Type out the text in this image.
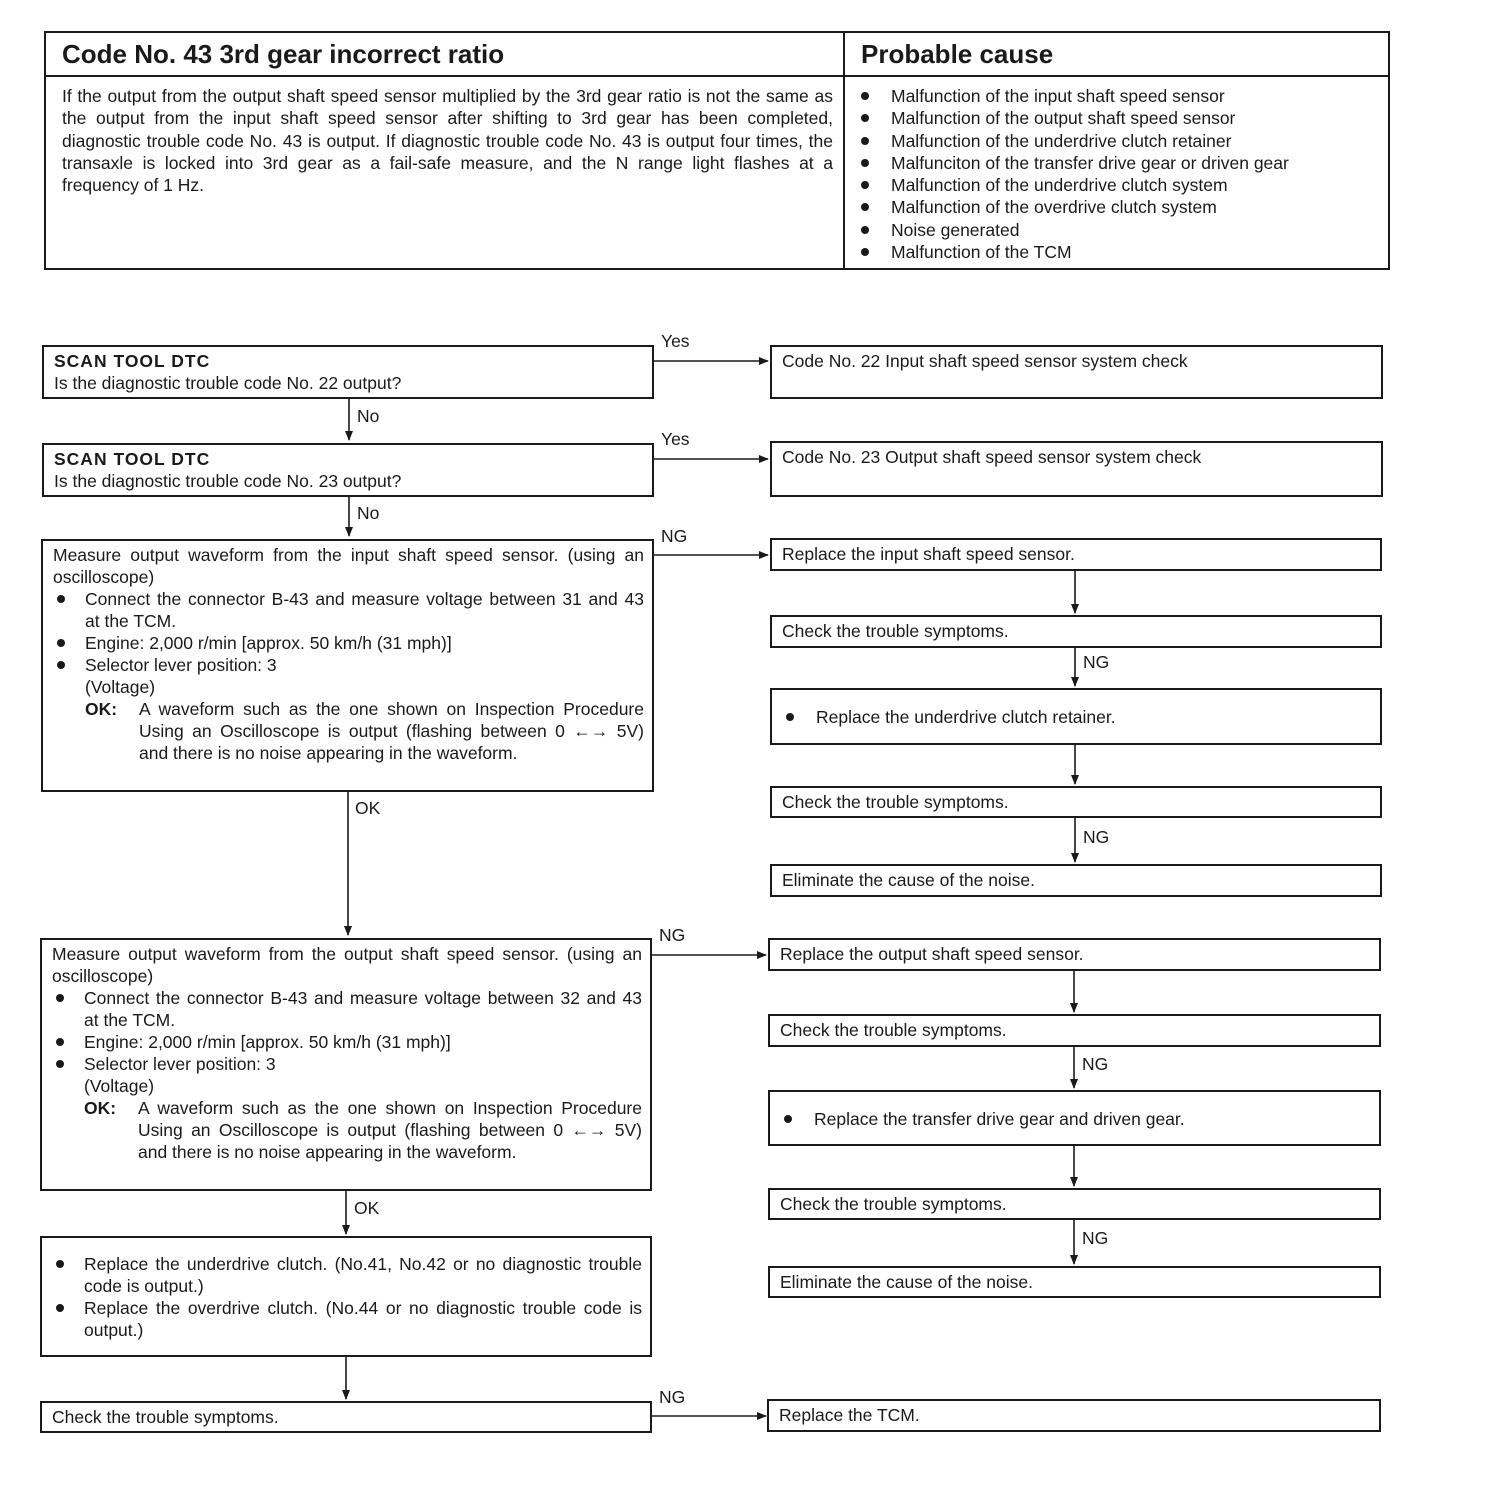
Code No. 43 3rd gear incorrect ratio
If the output from the output shaft speed sensor multiplied by the 3rd gear ratio is not the same as the output from the input shaft speed sensor after shifting to 3rd gear has been completed, diagnostic trouble code No. 43 is output. If diagnostic trouble code No. 43 is output four times, the transaxle is locked into 3rd gear as a fail-safe measure, and the N range light flashes at a frequency of 1 Hz.
Probable cause
Malfunction of the input shaft speed sensor
Malfunction of the output shaft speed sensor
Malfunction of the underdrive clutch retainer
Malfunciton of the transfer drive gear or driven gear
Malfunction of the underdrive clutch system
Malfunction of the overdrive clutch system
Noise generated
Malfunction of the TCM
Yes
Yes
NG
NG
NG
No
No
OK
OK
NG
NG
NG
NG
SCAN TOOL DTC
Is the diagnostic trouble code No. 22 output?
SCAN TOOL DTC
Is the diagnostic trouble code No. 23 output?
Measure output waveform from the input shaft speed sensor. (using an oscilloscope)
Connect the connector B-43 and measure voltage between 31 and 43 at the TCM.
Engine: 2,000 r/min [approx. 50 km/h (31 mph)]
Selector lever position: 3
(Voltage)
OK:	A waveform such as the one shown on Inspection Procedure Using an Oscilloscope is output (flashing between 0 ←→ 5V) and there is no noise appearing in the waveform.
Measure output waveform from the output shaft speed sensor. (using an oscilloscope)
Connect the connector B-43 and measure voltage between 32 and 43 at the TCM.
Engine: 2,000 r/min [approx. 50 km/h (31 mph)]
Selector lever position: 3
(Voltage)
OK:	A waveform such as the one shown on Inspection Procedure Using an Oscilloscope is output (flashing between 0 ←→ 5V) and there is no noise appearing in the waveform.
Replace the underdrive clutch. (No.41, No.42 or no diagnostic trouble code is output.)
Replace the overdrive clutch. (No.44 or no diagnostic trouble code is output.)
Check the trouble symptoms.
Code No. 22 Input shaft speed sensor system check
Code No. 23 Output shaft speed sensor system check
Replace the input shaft speed sensor.
Check the trouble symptoms.
Replace the underdrive clutch retainer.
Check the trouble symptoms.
Eliminate the cause of the noise.
Replace the output shaft speed sensor.
Check the trouble symptoms.
Replace the transfer drive gear and driven gear.
Check the trouble symptoms.
Eliminate the cause of the noise.
Replace the TCM.
